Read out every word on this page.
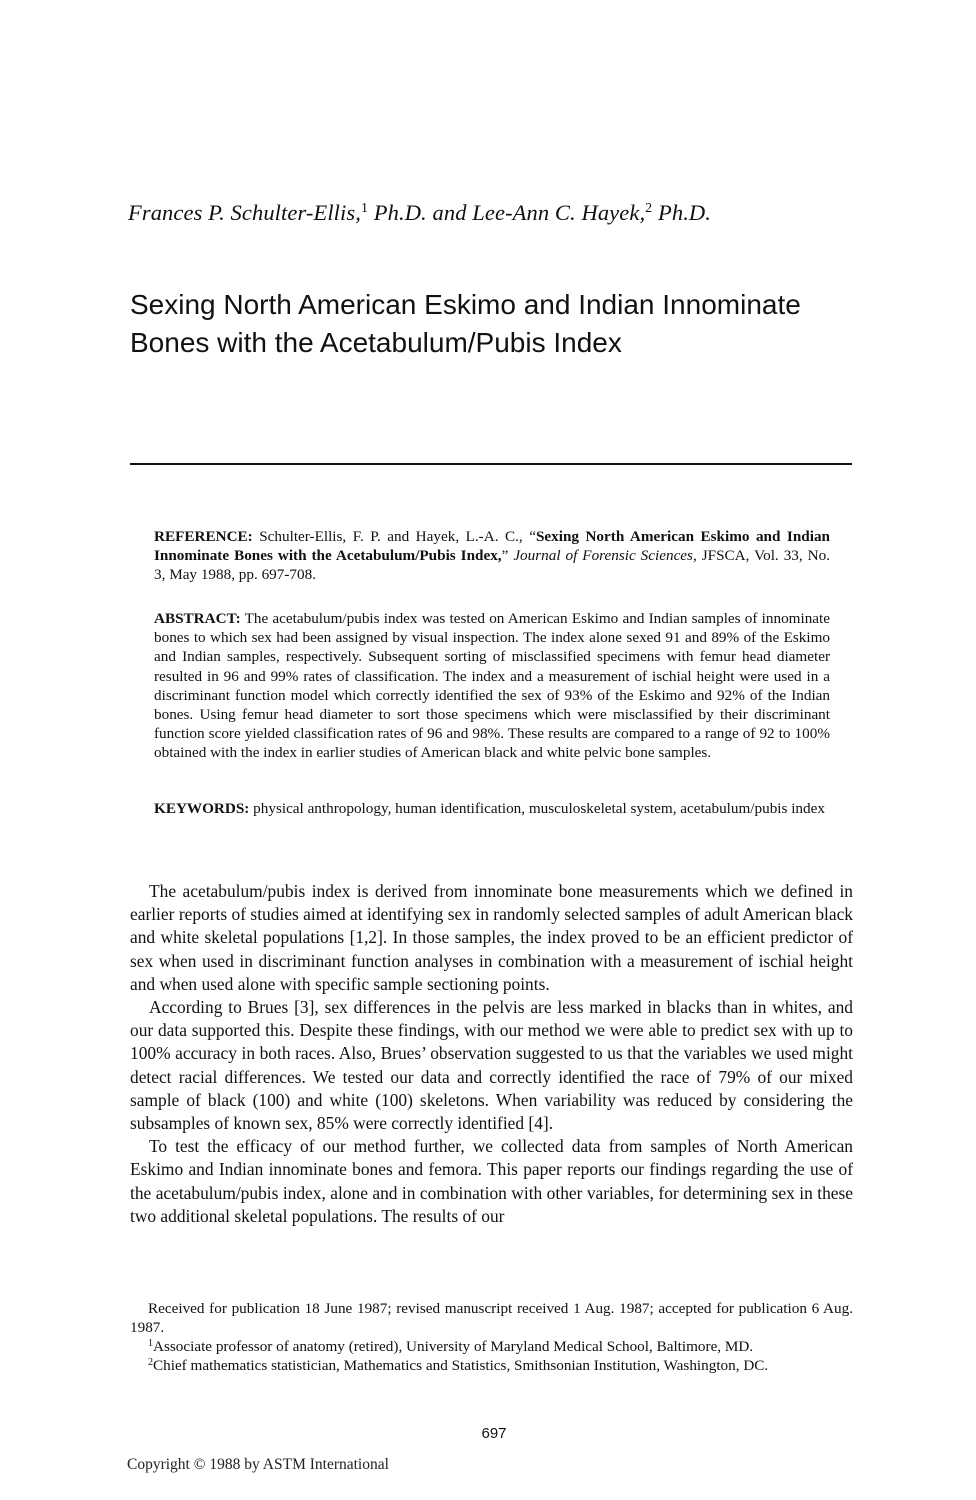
Frances P. Schulter-Ellis,$^1$ Ph.D. and Lee-Ann C. Hayek,$^2$ Ph.D.
Sexing North American Eskimo and Indian Innominate Bones with the Acetabulum/Pubis Index
REFERENCE: Schulter-Ellis, F. P. and Hayek, L.-A. C., “Sexing North American Eskimo and Indian Innominate Bones with the Acetabulum/Pubis Index,” Journal of Forensic Sciences, JFSCA, Vol. 33, No. 3, May 1988, pp. 697-708.
ABSTRACT: The acetabulum/pubis index was tested on American Eskimo and Indian samples of innominate bones to which sex had been assigned by visual inspection. The index alone sexed 91 and 89% of the Eskimo and Indian samples, respectively. Subsequent sorting of misclassified specimens with femur head diameter resulted in 96 and 99% rates of classification. The index and a measurement of ischial height were used in a discriminant function model which correctly identified the sex of 93% of the Eskimo and 92% of the Indian bones. Using femur head diameter to sort those specimens which were misclassified by their discriminant function score yielded classification rates of 96 and 98%. These results are compared to a range of 92 to 100% obtained with the index in earlier studies of American black and white pelvic bone samples.
KEYWORDS: physical anthropology, human identification, musculoskeletal system, acetabulum/pubis index

The acetabulum/pubis index is derived from innominate bone measurements which we defined in earlier reports of studies aimed at identifying sex in randomly selected samples of adult American black and white skeletal populations [1,2]. In those samples, the index proved to be an efficient predictor of sex when used in discriminant function analyses in combination with a measurement of ischial height and when used alone with specific sample sectioning points.

According to Brues [3], sex differences in the pelvis are less marked in blacks than in whites, and our data supported this. Despite these findings, with our method we were able to predict sex with up to 100% accuracy in both races. Also, Brues’ observation suggested to us that the variables we used might detect racial differences. We tested our data and correctly identified the race of 79% of our mixed sample of black (100) and white (100) skeletons. When variability was reduced by considering the subsamples of known sex, 85% were correctly identified [4].

To test the efficacy of our method further, we collected data from samples of North American Eskimo and Indian innominate bones and femora. This paper reports our findings regarding the use of the acetabulum/pubis index, alone and in combination with other variables, for determining sex in these two additional skeletal populations. The results of our

Received for publication 18 June 1987; revised manuscript received 1 Aug. 1987; accepted for publication 6 Aug. 1987.

$^1$Associate professor of anatomy (retired), University of Maryland Medical School, Baltimore, MD.

$^2$Chief mathematics statistician, Mathematics and Statistics, Smithsonian Institution, Washington, DC.

697
Copyright © 1988 by ASTM International
